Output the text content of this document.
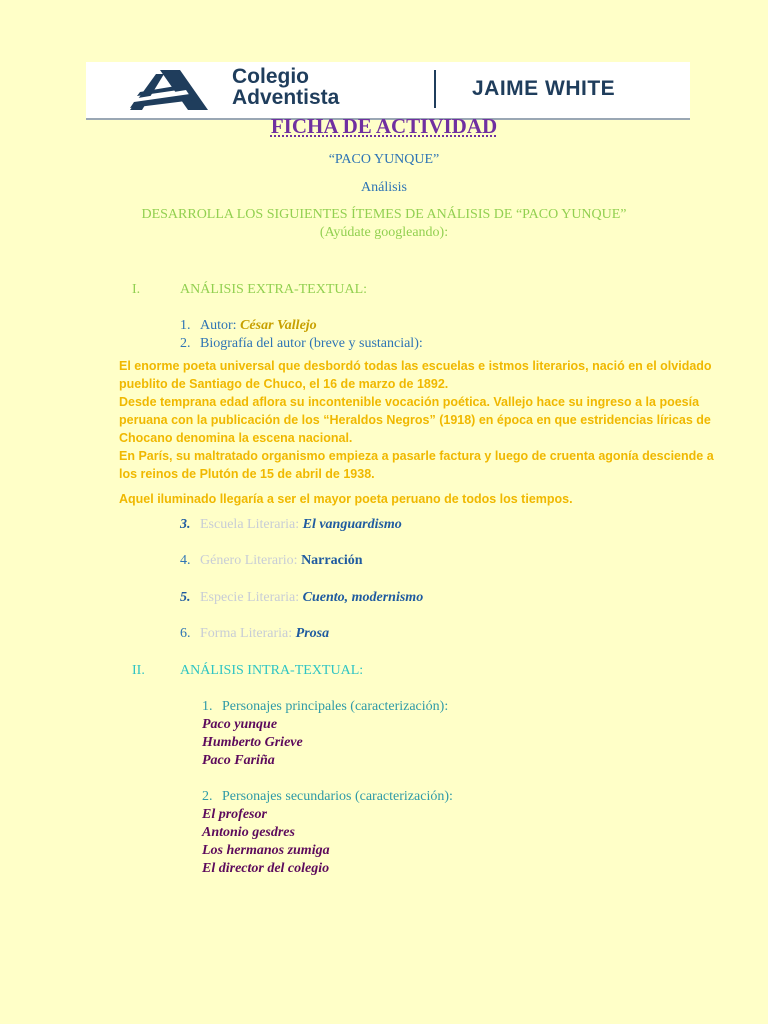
Colegio
Adventista	JAIME WHITE
FICHA DE ACTIVIDAD
“PACO YUNQUE”
Análisis
DESARROLLA LOS SIGUIENTES ÍTEMES DE ANÁLISIS DE “PACO YUNQUE”
(Ayúdate googleando):
I.	ANÁLISIS EXTRA-TEXTUAL:
1. Autor: César Vallejo
2. Biografía del autor (breve y sustancial):
El enorme poeta universal que desbordó todas las escuelas e istmos literarios, nació en el olvidado pueblito de Santiago de Chuco, el 16 de marzo de 1892.
Desde temprana edad aflora su incontenible vocación poética. Vallejo hace su ingreso a la poesía peruana con la publicación de los “Heraldos Negros” (1918) en época en que estridencias líricas de Chocano denomina la escena nacional.
En París, su maltratado organismo empieza a pasarle factura y luego de cruenta agonía desciende a los reinos de Plutón de 15 de abril de 1938.
Aquel iluminado llegaría a ser el mayor poeta peruano de todos los tiempos.
3. Escuela Literaria: El vanguardismo
4. Género Literario: Narración
5. Especie Literaria: Cuento, modernismo
6. Forma Literaria: Prosa
II.	ANÁLISIS INTRA-TEXTUAL:
1. Personajes principales (caracterización):
Paco yunque
Humberto Grieve
Paco Fariña
2. Personajes secundarios (caracterización):
El profesor
Antonio gesdres
Los hermanos zumiga
El director del colegio
